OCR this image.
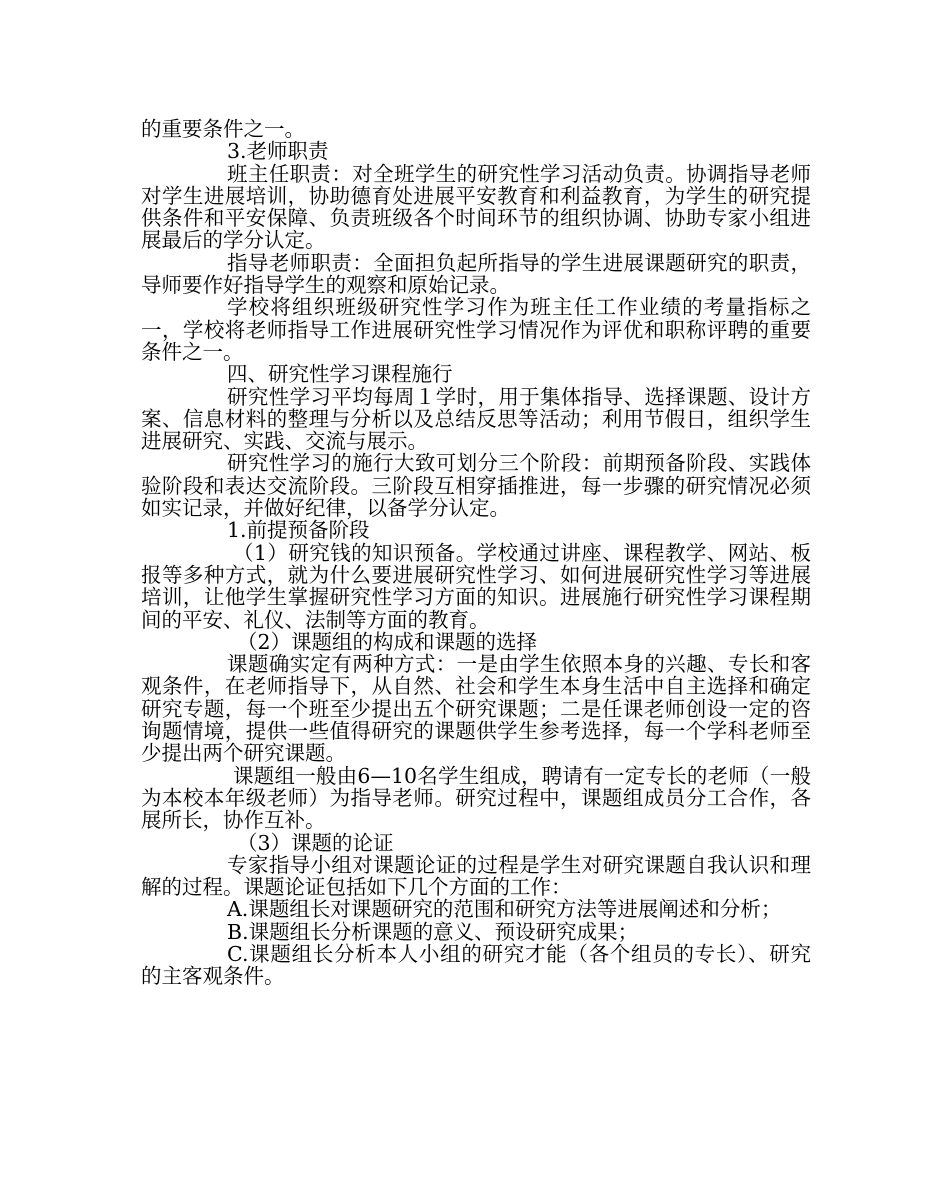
的重要条件之一。

3.老师职责

班主任职责：对全班学生的研究性学习活动负责。协调指导老师对学生进展培训，协助德育处进展平安教育和利益教育，为学生的研究提供条件和平安保障、负责班级各个时间环节的组织协调、协助专家小组进展最后的学分认定。

指导老师职责：全面担负起所指导的学生进展课题研究的职责，导师要作好指导学生的观察和原始记录。

学校将组织班级研究性学习作为班主任工作业绩的考量指标之一，学校将老师指导工作进展研究性学习情况作为评优和职称评聘的重要条件之一。

四、研究性学习课程施行

研究性学习平均每周１学时，用于集体指导、选择课题、设计方案、信息材料的整理与分析以及总结反思等活动；利用节假日，组织学生进展研究、实践、交流与展示。

研究性学习的施行大致可划分三个阶段：前期预备阶段、实践体验阶段和表达交流阶段。三阶段互相穿插推进，每一步骤的研究情况必须如实记录，并做好纪律，以备学分认定。

1.前提预备阶段

（1）研究钱的知识预备。学校通过讲座、课程教学、网站、板报等多种方式，就为什么要进展研究性学习、如何进展研究性学习等进展培训，让他学生掌握研究性学习方面的知识。进展施行研究性学习课程期间的平安、礼仪、法制等方面的教育。

（2）课题组的构成和课题的选择

课题确实定有两种方式：一是由学生依照本身的兴趣、专长和客观条件，在老师指导下，从自然、社会和学生本身生活中自主选择和确定研究专题，每一个班至少提出五个研究课题；二是任课老师创设一定的咨询题情境，提供一些值得研究的课题供学生参考选择，每一个学科老师至少提出两个研究课题。

课题组一般由6—10名学生组成，聘请有一定专长的老师（一般为本校本年级老师）为指导老师。研究过程中，课题组成员分工合作，各展所长，协作互补。

（3）课题的论证

专家指导小组对课题论证的过程是学生对研究课题自我认识和理解的过程。课题论证包括如下几个方面的工作：

A.课题组长对课题研究的范围和研究方法等进展阐述和分析；

B.课题组长分析课题的意义、预设研究成果；

C.课题组长分析本人小组的研究才能（各个组员的专长）、研究的主客观条件。
